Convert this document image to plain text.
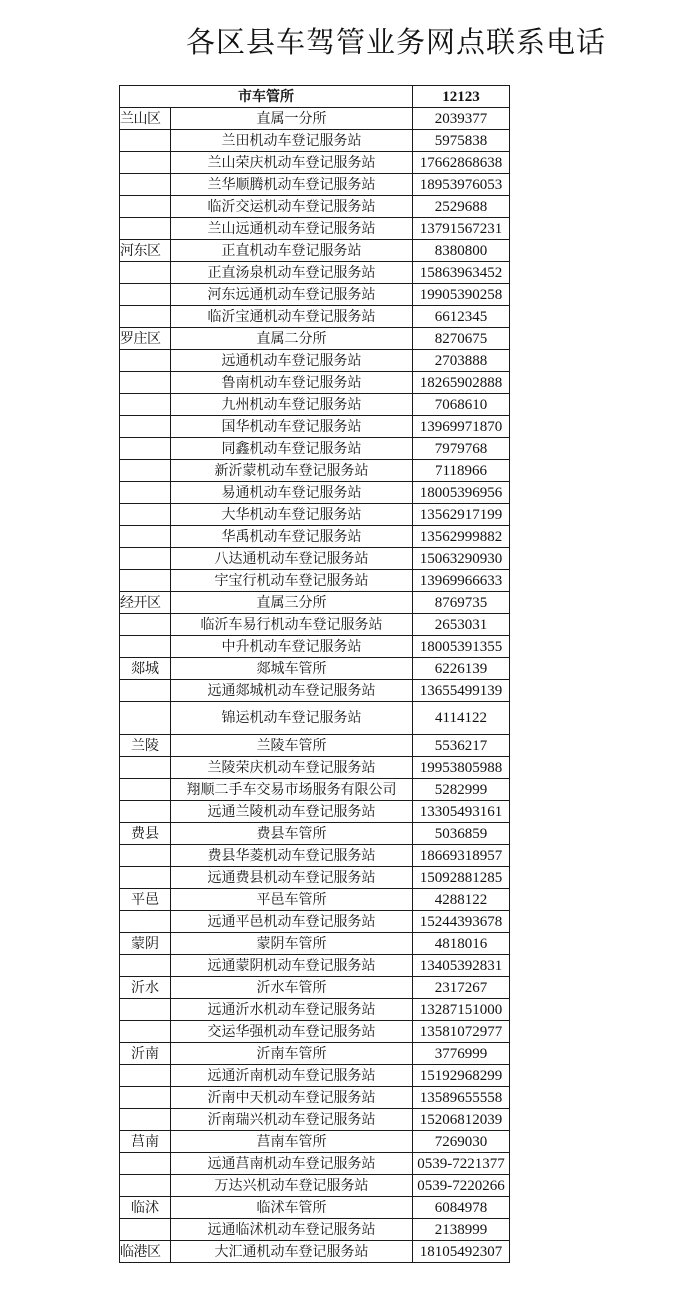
各区县车驾管业务网点联系电话
市车管所		12123
兰山区	直属一分所	2039377
	兰田机动车登记服务站	5975838
	兰山荣庆机动车登记服务站	17662868638
	兰华顺腾机动车登记服务站	18953976053
	临沂交运机动车登记服务站	2529688
	兰山远通机动车登记服务站	13791567231
河东区	正直机动车登记服务站	8380800
	正直汤泉机动车登记服务站	15863963452
	河东远通机动车登记服务站	19905390258
	临沂宝通机动车登记服务站	6612345
罗庄区	直属二分所	8270675
	远通机动车登记服务站	2703888
	鲁南机动车登记服务站	18265902888
	九州机动车登记服务站	7068610
	国华机动车登记服务站	13969971870
	同鑫机动车登记服务站	7979768
	新沂蒙机动车登记服务站	7118966
	易通机动车登记服务站	18005396956
	大华机动车登记服务站	13562917199
	华禹机动车登记服务站	13562999882
	八达通机动车登记服务站	15063290930
	宇宝行机动车登记服务站	13969966633
经开区	直属三分所	8769735
	临沂车易行机动车登记服务站	2653031
	中升机动车登记服务站	18005391355
郯城	郯城车管所	6226139
	远通郯城机动车登记服务站	13655499139
	锦运机动车登记服务站	4114122
兰陵	兰陵车管所	5536217
	兰陵荣庆机动车登记服务站	19953805988
	翔顺二手车交易市场服务有限公司	5282999
	远通兰陵机动车登记服务站	13305493161
费县	费县车管所	5036859
	费县华菱机动车登记服务站	18669318957
	远通费县机动车登记服务站	15092881285
平邑	平邑车管所	4288122
	远通平邑机动车登记服务站	15244393678
蒙阴	蒙阴车管所	4818016
	远通蒙阴机动车登记服务站	13405392831
沂水	沂水车管所	2317267
	远通沂水机动车登记服务站	13287151000
	交运华强机动车登记服务站	13581072977
沂南	沂南车管所	3776999
	远通沂南机动车登记服务站	15192968299
	沂南中天机动车登记服务站	13589655558
	沂南瑞兴机动车登记服务站	15206812039
莒南	莒南车管所	7269030
	远通莒南机动车登记服务站	0539-7221377
	万达兴机动车登记服务站	0539-7220266
临沭	临沭车管所	6084978
	远通临沭机动车登记服务站	2138999
临港区	大汇通机动车登记服务站	18105492307
